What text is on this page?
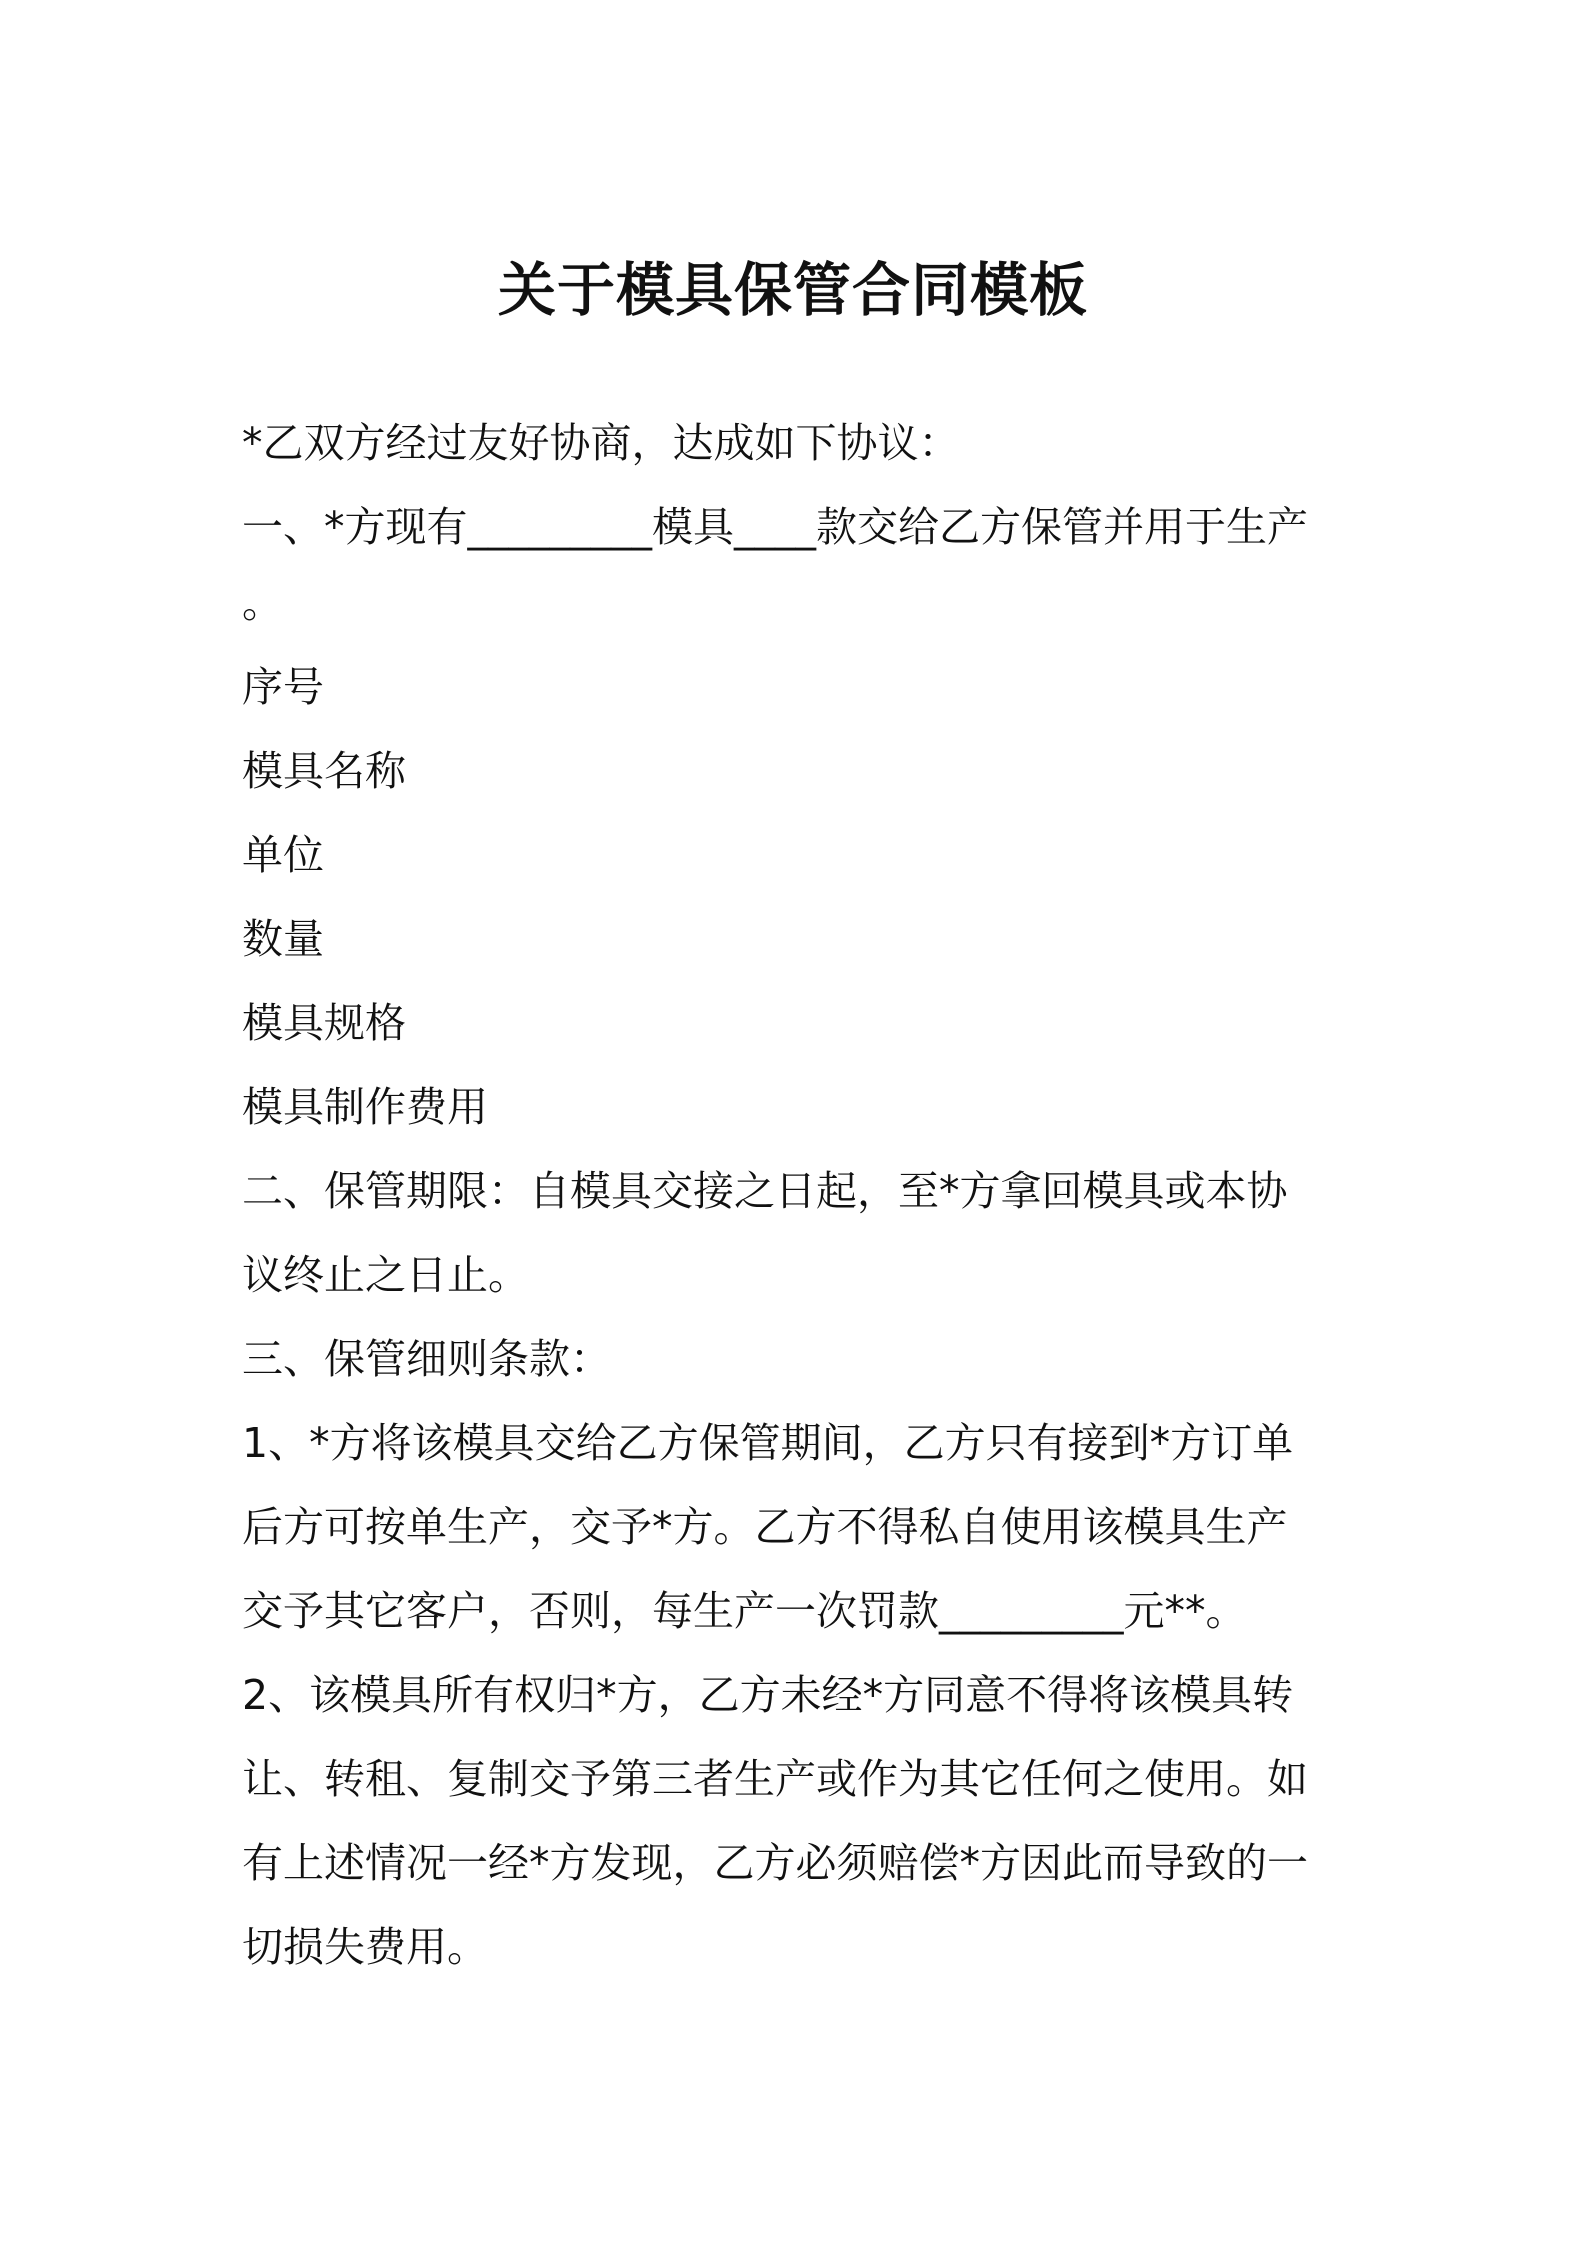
关于模具保管合同模板

*乙双方经过友好协商，达成如下协议：

一、*方现有_________模具____款交给乙方保管并用于生产

。

序号

模具名称

单位

数量

模具规格

模具制作费用

二、保管期限：自模具交接之日起，至*方拿回模具或本协

议终止之日止。

三、保管细则条款：

1、*方将该模具交给乙方保管期间，乙方只有接到*方订单

后方可按单生产，交予*方。乙方不得私自使用该模具生产

交予其它客户，否则，每生产一次罚款_________元**。

2、该模具所有权归*方，乙方未经*方同意不得将该模具转

让、转租、复制交予第三者生产或作为其它任何之使用。如

有上述情况一经*方发现，乙方必须赔偿*方因此而导致的一

切损失费用。
